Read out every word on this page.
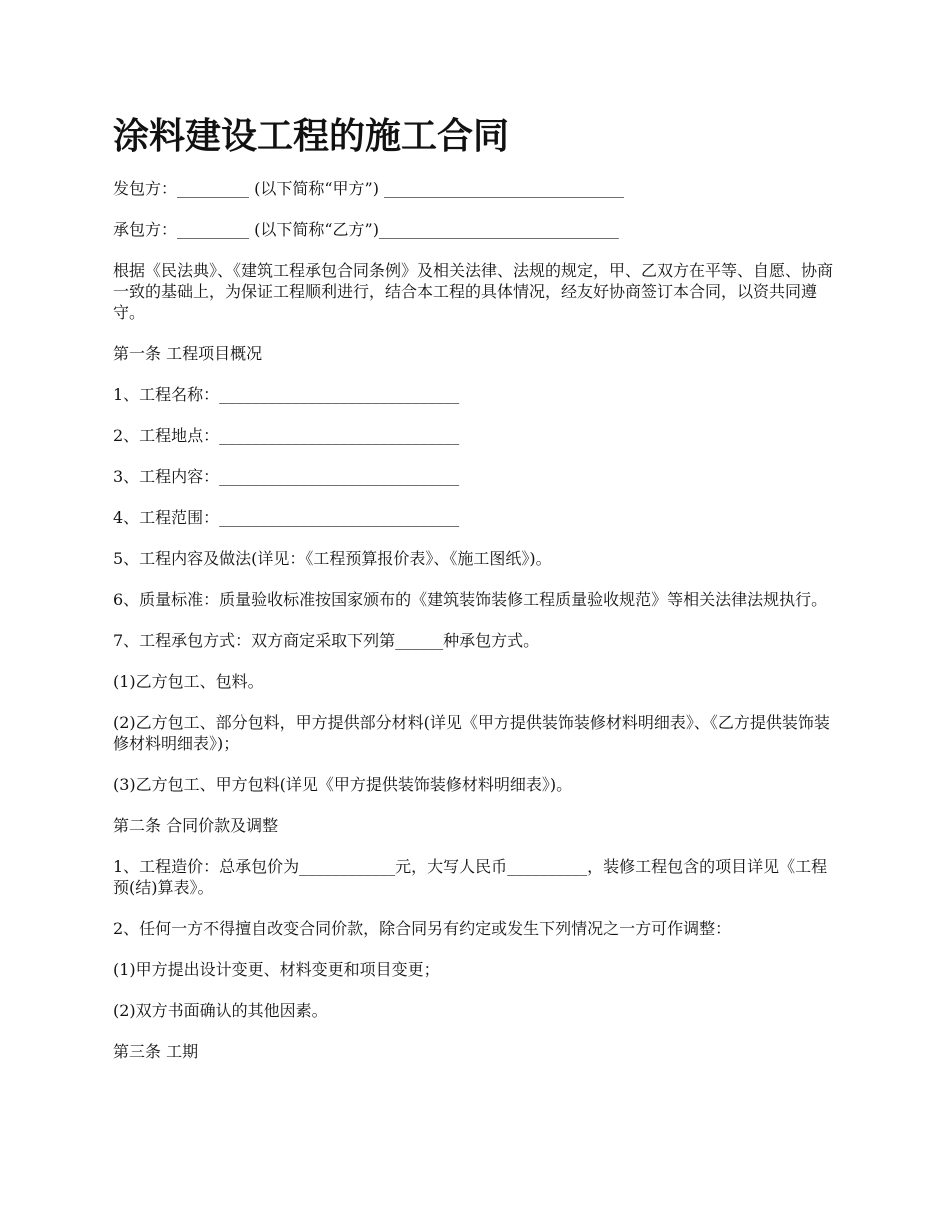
涂料建设工程的施工合同

发包方：_________ (以下简称“甲方”) ______________________________

承包方：_________ (以下简称“乙方”)______________________________

根据《民法典》、《建筑工程承包合同条例》及相关法律、法规的规定，甲、乙双方在平等、自愿、协商一致的基础上，为保证工程顺利进行，结合本工程的具体情况，经友好协商签订本合同，以资共同遵守。

第一条 工程项目概况

1、工程名称：______________________________

2、工程地点：______________________________

3、工程内容：______________________________

4、工程范围：______________________________

5、工程内容及做法(详见：《工程预算报价表》、《施工图纸》)。

6、质量标准：质量验收标准按国家颁布的《建筑装饰装修工程质量验收规范》等相关法律法规执行。

7、工程承包方式：双方商定采取下列第______种承包方式。

(1)乙方包工、包料。

(2)乙方包工、部分包料，甲方提供部分材料(详见《甲方提供装饰装修材料明细表》、《乙方提供装饰装修材料明细表》)；

(3)乙方包工、甲方包料(详见《甲方提供装饰装修材料明细表》)。

第二条 合同价款及调整

1、工程造价：总承包价为____________元，大写人民币__________，装修工程包含的项目详见《工程预(结)算表》。

2、任何一方不得擅自改变合同价款，除合同另有约定或发生下列情况之一方可作调整：

(1)甲方提出设计变更、材料变更和项目变更；

(2)双方书面确认的其他因素。

第三条 工期
